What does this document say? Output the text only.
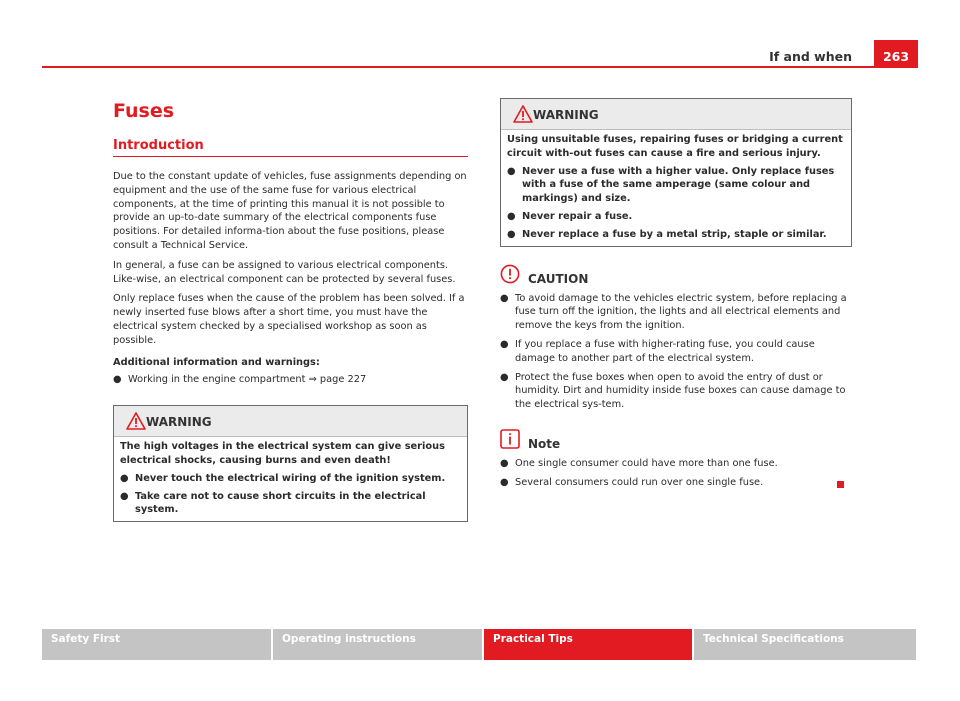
If and when	263
Fuses
Introduction

Due to the constant update of vehicles, fuse assignments depending on equipment and the use of the same fuse for various electrical components, at the time of printing this manual it is not possible to provide an up-to-date summary of the electrical components fuse positions. For detailed informa-tion about the fuse positions, please consult a Technical Service.

In general, a fuse can be assigned to various electrical components. Like-wise, an electrical component can be protected by several fuses.

Only replace fuses when the cause of the problem has been solved. If a newly inserted fuse blows after a short time, you must have the electrical system checked by a specialised workshop as soon as possible.

Additional information and warnings:

● Working in the engine compartment ⇒ page 227

WARNING

The high voltages in the electrical system can give serious electrical shocks, causing burns and even death!

● Never touch the electrical wiring of the ignition system.

● Take care not to cause short circuits in the electrical system.

WARNING

Using unsuitable fuses, repairing fuses or bridging a current circuit with-out fuses can cause a fire and serious injury.

● Never use a fuse with a higher value. Only replace fuses with a fuse of the same amperage (same colour and markings) and size.

● Never repair a fuse.

● Never replace a fuse by a metal strip, staple or similar.

CAUTION

● To avoid damage to the vehicles electric system, before replacing a fuse turn off the ignition, the lights and all electrical elements and remove the keys from the ignition.

● If you replace a fuse with higher-rating fuse, you could cause damage to another part of the electrical system.

● Protect the fuse boxes when open to avoid the entry of dust or humidity. Dirt and humidity inside fuse boxes can cause damage to the electrical sys-tem.

Note

● One single consumer could have more than one fuse.

● Several consumers could run over one single fuse.

Safety First	Operating instructions	Practical Tips	Technical Specifications
